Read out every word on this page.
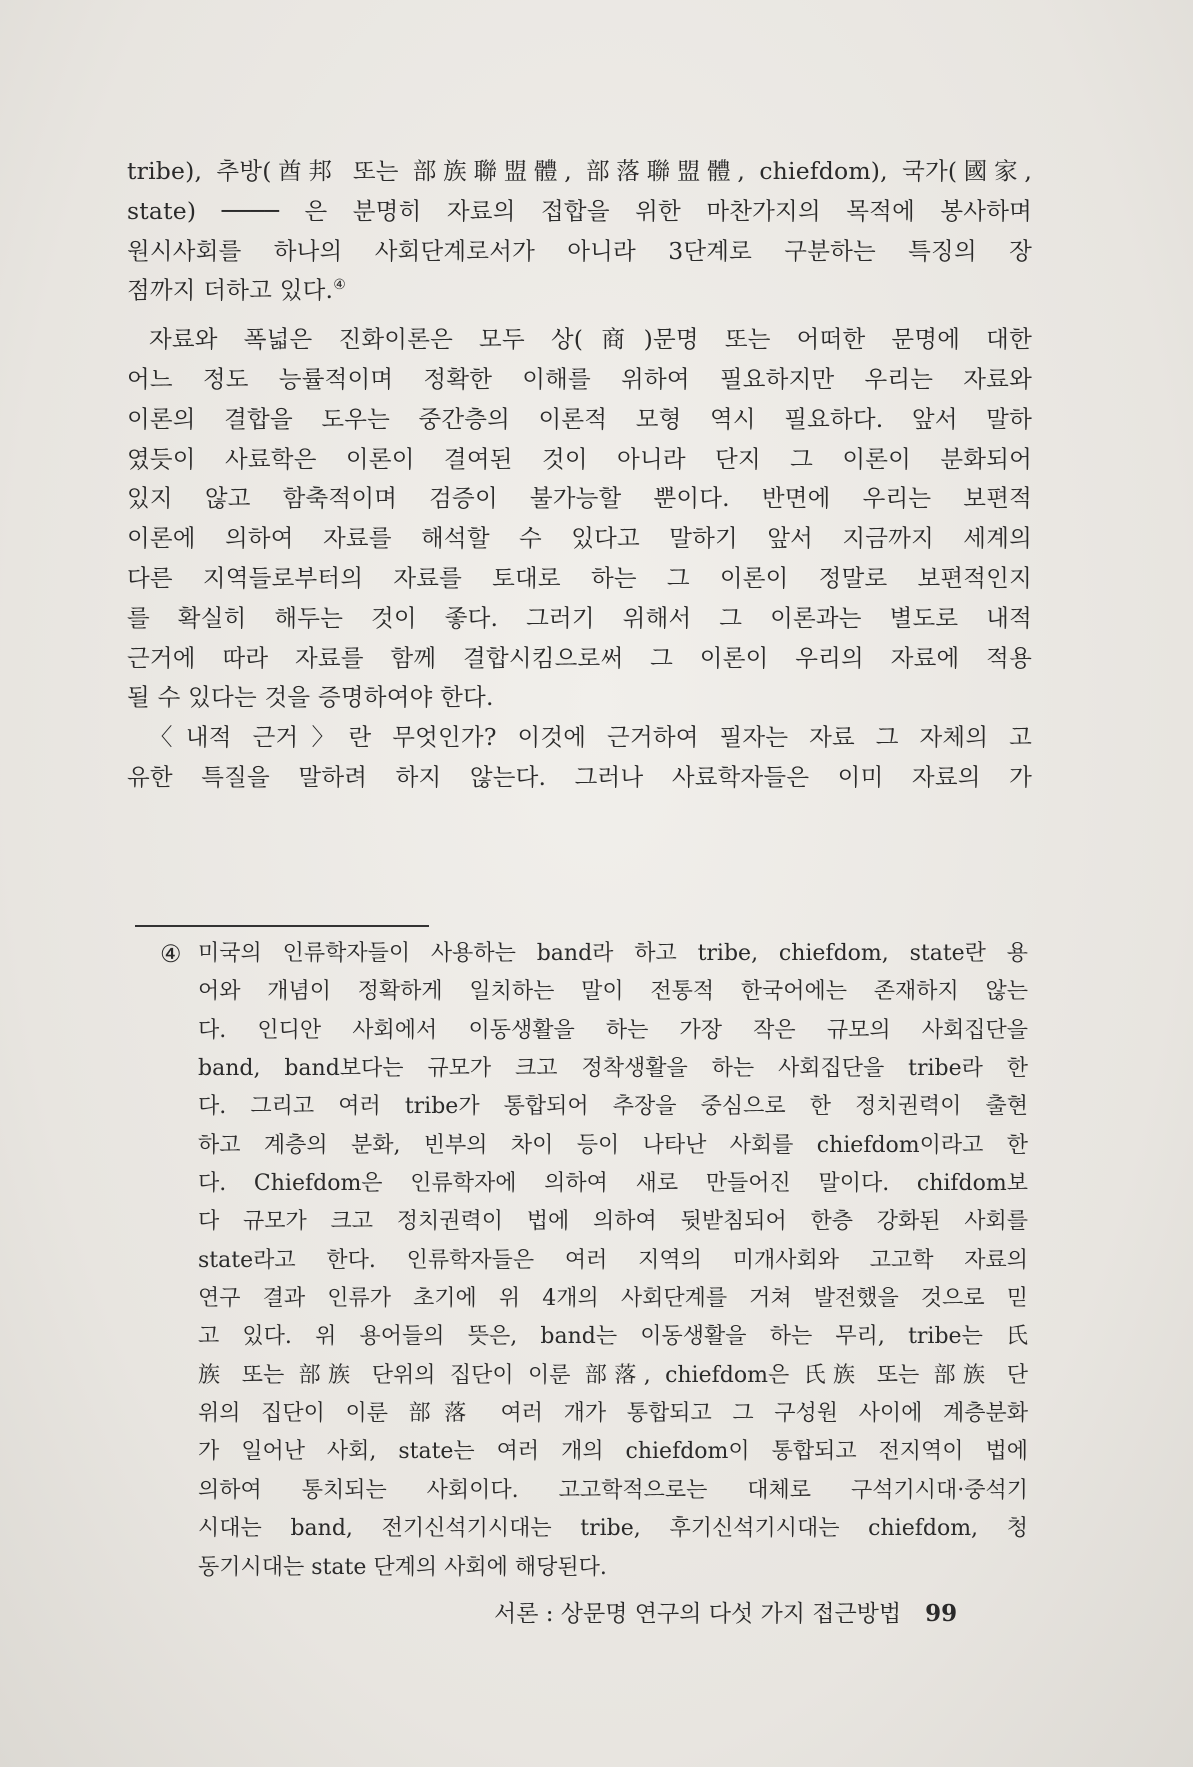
tribe), 추방(酋邦 또는 部族聯盟體, 部落聯盟體, chiefdom), 국가(國家,
state) ──── 은 분명히 자료의 접합을 위한 마찬가지의 목적에 봉사하며
원시사회를 하나의 사회단계로서가 아니라 3단계로 구분하는 특징의 장
점까지 더하고 있다.④
자료와 폭넓은 진화이론은 모두 상(商)문명 또는 어떠한 문명에 대한
어느 정도 능률적이며 정확한 이해를 위하여 필요하지만 우리는 자료와
이론의 결합을 도우는 중간층의 이론적 모형 역시 필요하다. 앞서 말하
였듯이 사료학은 이론이 결여된 것이 아니라 단지 그 이론이 분화되어
있지 않고 함축적이며 검증이 불가능할 뿐이다. 반면에 우리는 보편적
이론에 의하여 자료를 해석할 수 있다고 말하기 앞서 지금까지 세계의
다른 지역들로부터의 자료를 토대로 하는 그 이론이 정말로 보편적인지
를 확실히 해두는 것이 좋다. 그러기 위해서 그 이론과는 별도로 내적
근거에 따라 자료를 함께 결합시킴으로써 그 이론이 우리의 자료에 적용
될 수 있다는 것을 증명하여야 한다.
〈내적 근거〉란 무엇인가? 이것에 근거하여 필자는 자료 그 자체의 고
유한 특질을 말하려 하지 않는다. 그러나 사료학자들은 이미 자료의 가
④ 미국의 인류학자들이 사용하는 band라 하고 tribe, chiefdom, state란 용
어와 개념이 정확하게 일치하는 말이 전통적 한국어에는 존재하지 않는
다. 인디안 사회에서 이동생활을 하는 가장 작은 규모의 사회집단을
band, band보다는 규모가 크고 정착생활을 하는 사회집단을 tribe라 한
다. 그리고 여러 tribe가 통합되어 추장을 중심으로 한 정치권력이 출현
하고 계층의 분화, 빈부의 차이 등이 나타난 사회를 chiefdom이라고 한
다. Chiefdom은 인류학자에 의하여 새로 만들어진 말이다. chifdom보
다 규모가 크고 정치권력이 법에 의하여 뒷받침되어 한층 강화된 사회를
state라고 한다. 인류학자들은 여러 지역의 미개사회와 고고학 자료의
연구 결과 인류가 초기에 위 4개의 사회단계를 거쳐 발전했을 것으로 믿
고 있다. 위 용어들의 뜻은, band는 이동생활을 하는 무리, tribe는 氏
族 또는 部族 단위의 집단이 이룬 部落, chiefdom은 氏族 또는 部族 단
위의 집단이 이룬 部落 여러 개가 통합되고 그 구성원 사이에 계층분화
가 일어난 사회, state는 여러 개의 chiefdom이 통합되고 전지역이 법에
의하여 통치되는 사회이다. 고고학적으로는 대체로 구석기시대·중석기
시대는 band, 전기신석기시대는 tribe, 후기신석기시대는 chiefdom, 청
동기시대는 state 단계의 사회에 해당된다.
서론 : 상문명 연구의 다섯 가지 접근방법 99
